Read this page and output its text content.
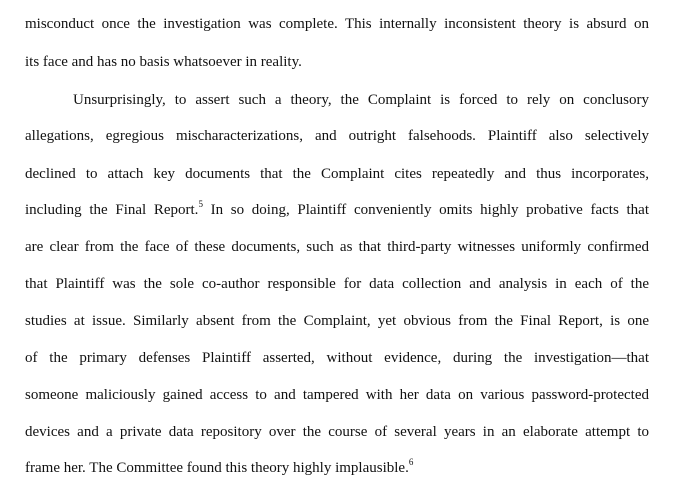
misconduct once the investigation was complete. This internally inconsistent theory is absurd on

its face and has no basis whatsoever in reality.

Unsurprisingly, to assert such a theory, the Complaint is forced to rely on conclusory

allegations, egregious mischaracterizations, and outright falsehoods. Plaintiff also selectively

declined to attach key documents that the Complaint cites repeatedly and thus incorporates,

including the Final Report.$^5$ In so doing, Plaintiff conveniently omits highly probative facts that

are clear from the face of these documents, such as that third-party witnesses uniformly confirmed

that Plaintiff was the sole co-author responsible for data collection and analysis in each of the

studies at issue. Similarly absent from the Complaint, yet obvious from the Final Report, is one

of the primary defenses Plaintiff asserted, without evidence, during the investigation—that

someone maliciously gained access to and tampered with her data on various password-protected

devices and a private data repository over the course of several years in an elaborate attempt to

frame her. The Committee found this theory highly implausible.$^6$
